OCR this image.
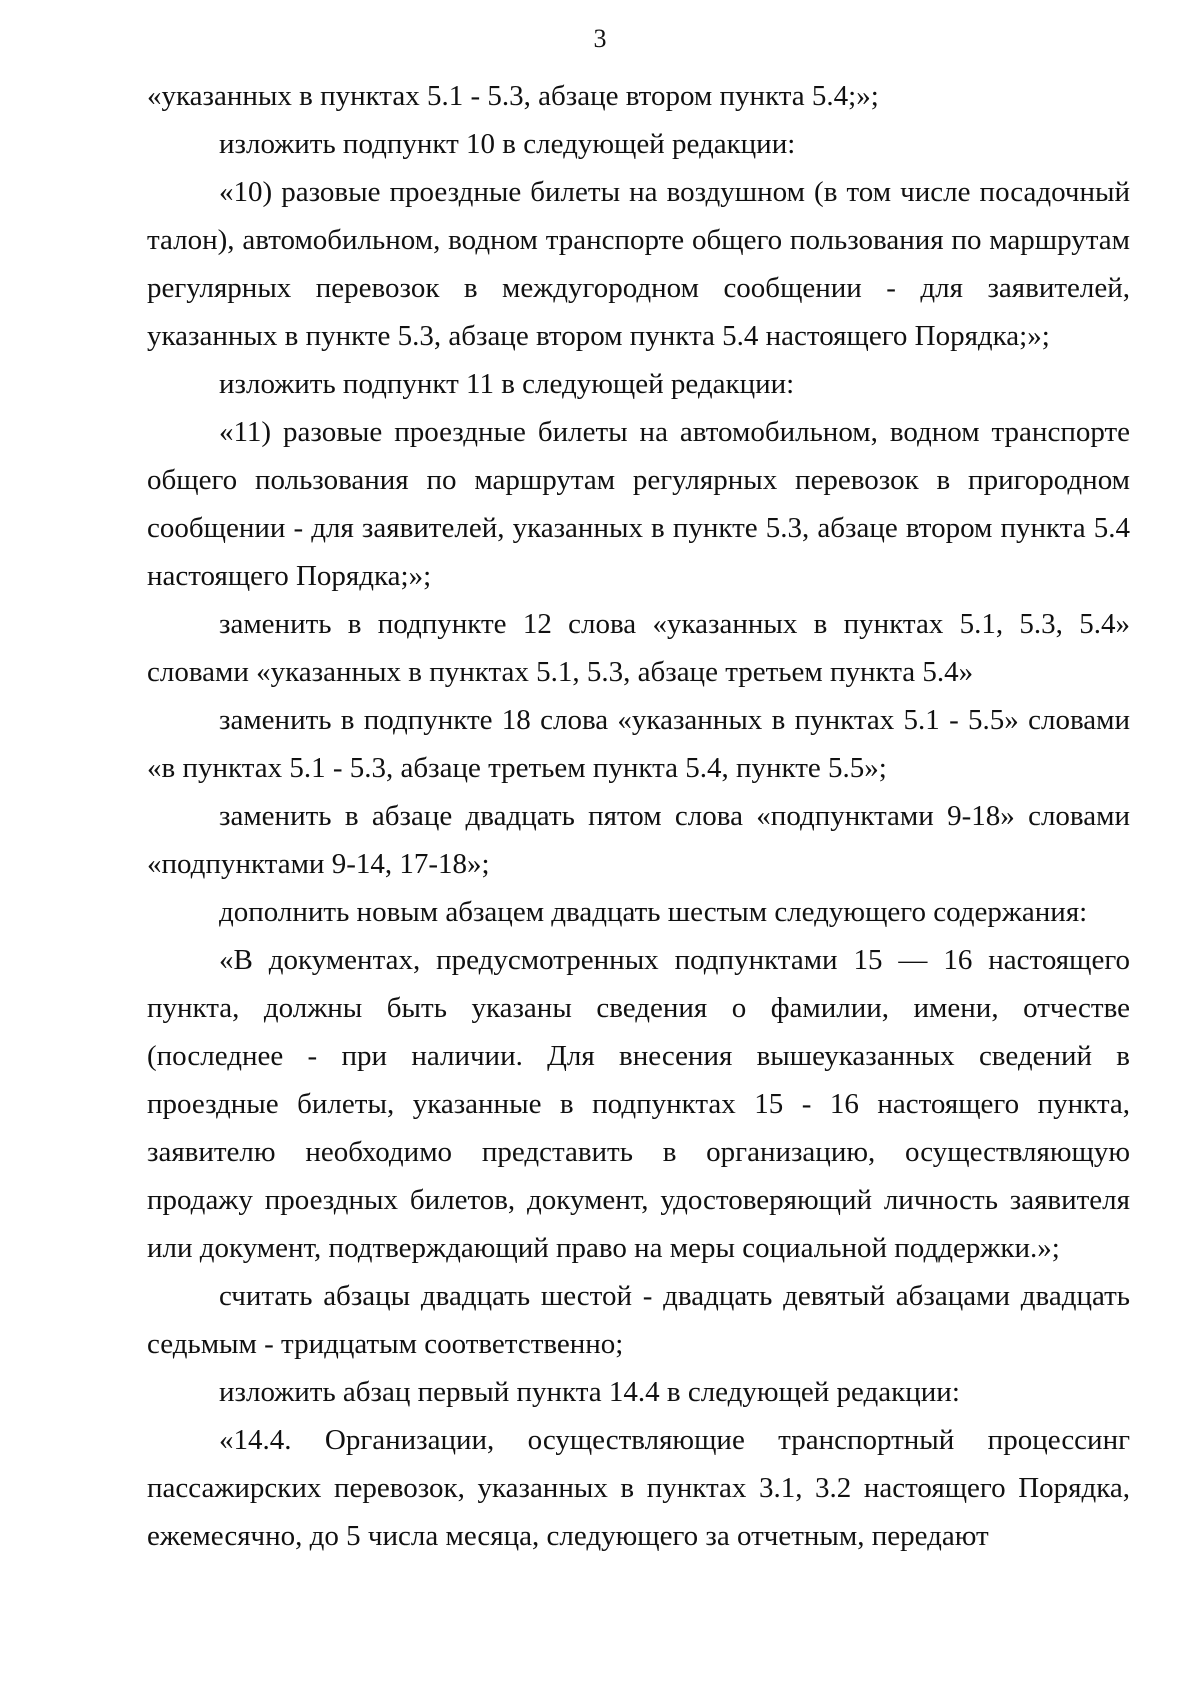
3

«указанных в пунктах 5.1 - 5.3, абзаце втором пункта 5.4;»;

изложить подпункт 10 в следующей редакции:

«10) разовые проездные билеты на воздушном (в том числе посадочный талон), автомобильном, водном транспорте общего пользования по маршрутам регулярных перевозок в междугородном сообщении - для заявителей, указанных в пункте 5.3, абзаце втором пункта 5.4 настоящего Порядка;»;

изложить подпункт 11 в следующей редакции:

«11) разовые проездные билеты на автомобильном, водном транспорте общего пользования по маршрутам регулярных перевозок в пригородном сообщении - для заявителей, указанных в пункте 5.3, абзаце втором пункта 5.4 настоящего Порядка;»;

заменить в подпункте 12 слова «указанных в пунктах 5.1, 5.3, 5.4» словами «указанных в пунктах 5.1, 5.3, абзаце третьем пункта 5.4»

заменить в подпункте 18 слова «указанных в пунктах 5.1 - 5.5» словами «в пунктах 5.1 - 5.3, абзаце третьем пункта 5.4, пункте 5.5»;

заменить в абзаце двадцать пятом слова «подпунктами 9-18» словами «подпунктами 9-14, 17-18»;

дополнить новым абзацем двадцать шестым следующего содержания:

«В документах, предусмотренных подпунктами 15 — 16 настоящего пункта, должны быть указаны сведения о фамилии, имени, отчестве (последнее - при наличии. Для внесения вышеуказанных сведений в проездные билеты, указанные в подпунктах 15 - 16 настоящего пункта, заявителю необходимо представить в организацию, осуществляющую продажу проездных билетов, документ, удостоверяющий личность заявителя или документ, подтверждающий право на меры социальной поддержки.»;

считать абзацы двадцать шестой - двадцать девятый абзацами двадцать седьмым - тридцатым соответственно;

изложить абзац первый пункта 14.4 в следующей редакции:

«14.4. Организации, осуществляющие транспортный процессинг пассажирских перевозок, указанных в пунктах 3.1, 3.2 настоящего Порядка, ежемесячно, до 5 числа месяца, следующего за отчетным, передают
